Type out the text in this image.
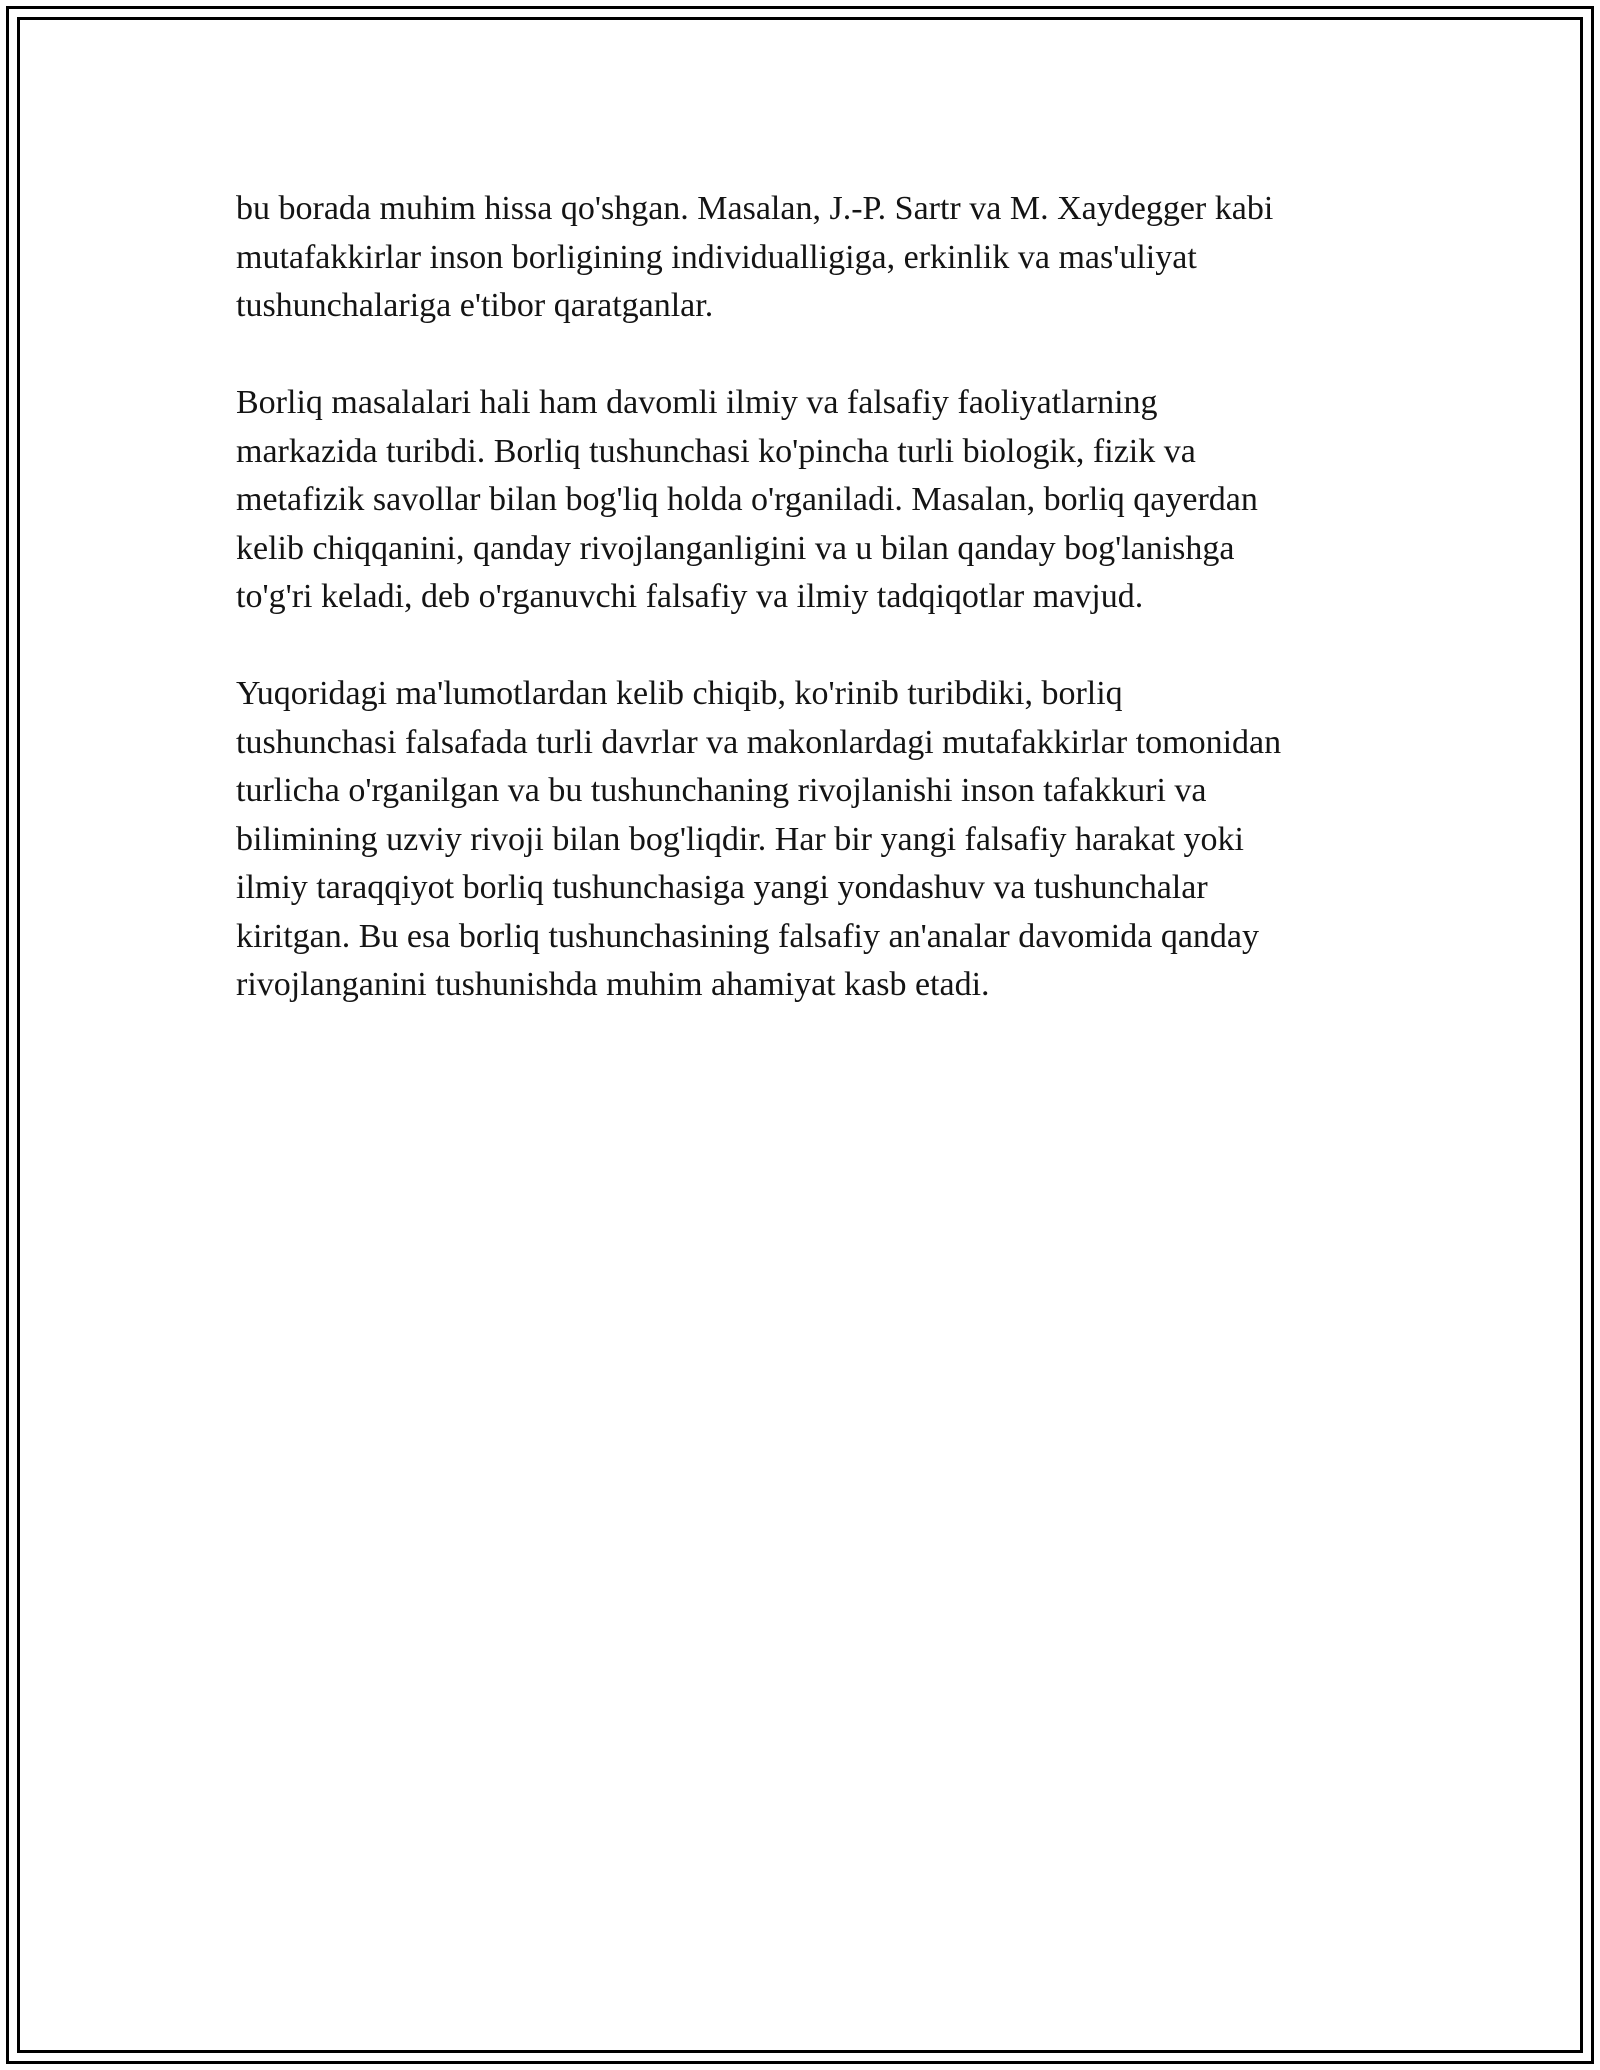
bu borada muhim hissa qo'shgan. Masalan, J.-P. Sartr va M. Xaydegger kabi
mutafakkirlar inson borligining individualligiga, erkinlik va mas'uliyat
tushunchalariga e'tibor qaratganlar.

Borliq masalalari hali ham davomli ilmiy va falsafiy faoliyatlarning
markazida turibdi. Borliq tushunchasi ko'pincha turli biologik, fizik va
metafizik savollar bilan bog'liq holda o'rganiladi. Masalan, borliq qayerdan
kelib chiqqanini, qanday rivojlanganligini va u bilan qanday bog'lanishga
to'g'ri keladi, deb o'rganuvchi falsafiy va ilmiy tadqiqotlar mavjud.

Yuqoridagi ma'lumotlardan kelib chiqib, ko'rinib turibdiki, borliq
tushunchasi falsafada turli davrlar va makonlardagi mutafakkirlar tomonidan
turlicha o'rganilgan va bu tushunchaning rivojlanishi inson tafakkuri va
bilimining uzviy rivoji bilan bog'liqdir. Har bir yangi falsafiy harakat yoki
ilmiy taraqqiyot borliq tushunchasiga yangi yondashuv va tushunchalar
kiritgan. Bu esa borliq tushunchasining falsafiy an'analar davomida qanday
rivojlanganini tushunishda muhim ahamiyat kasb etadi.
